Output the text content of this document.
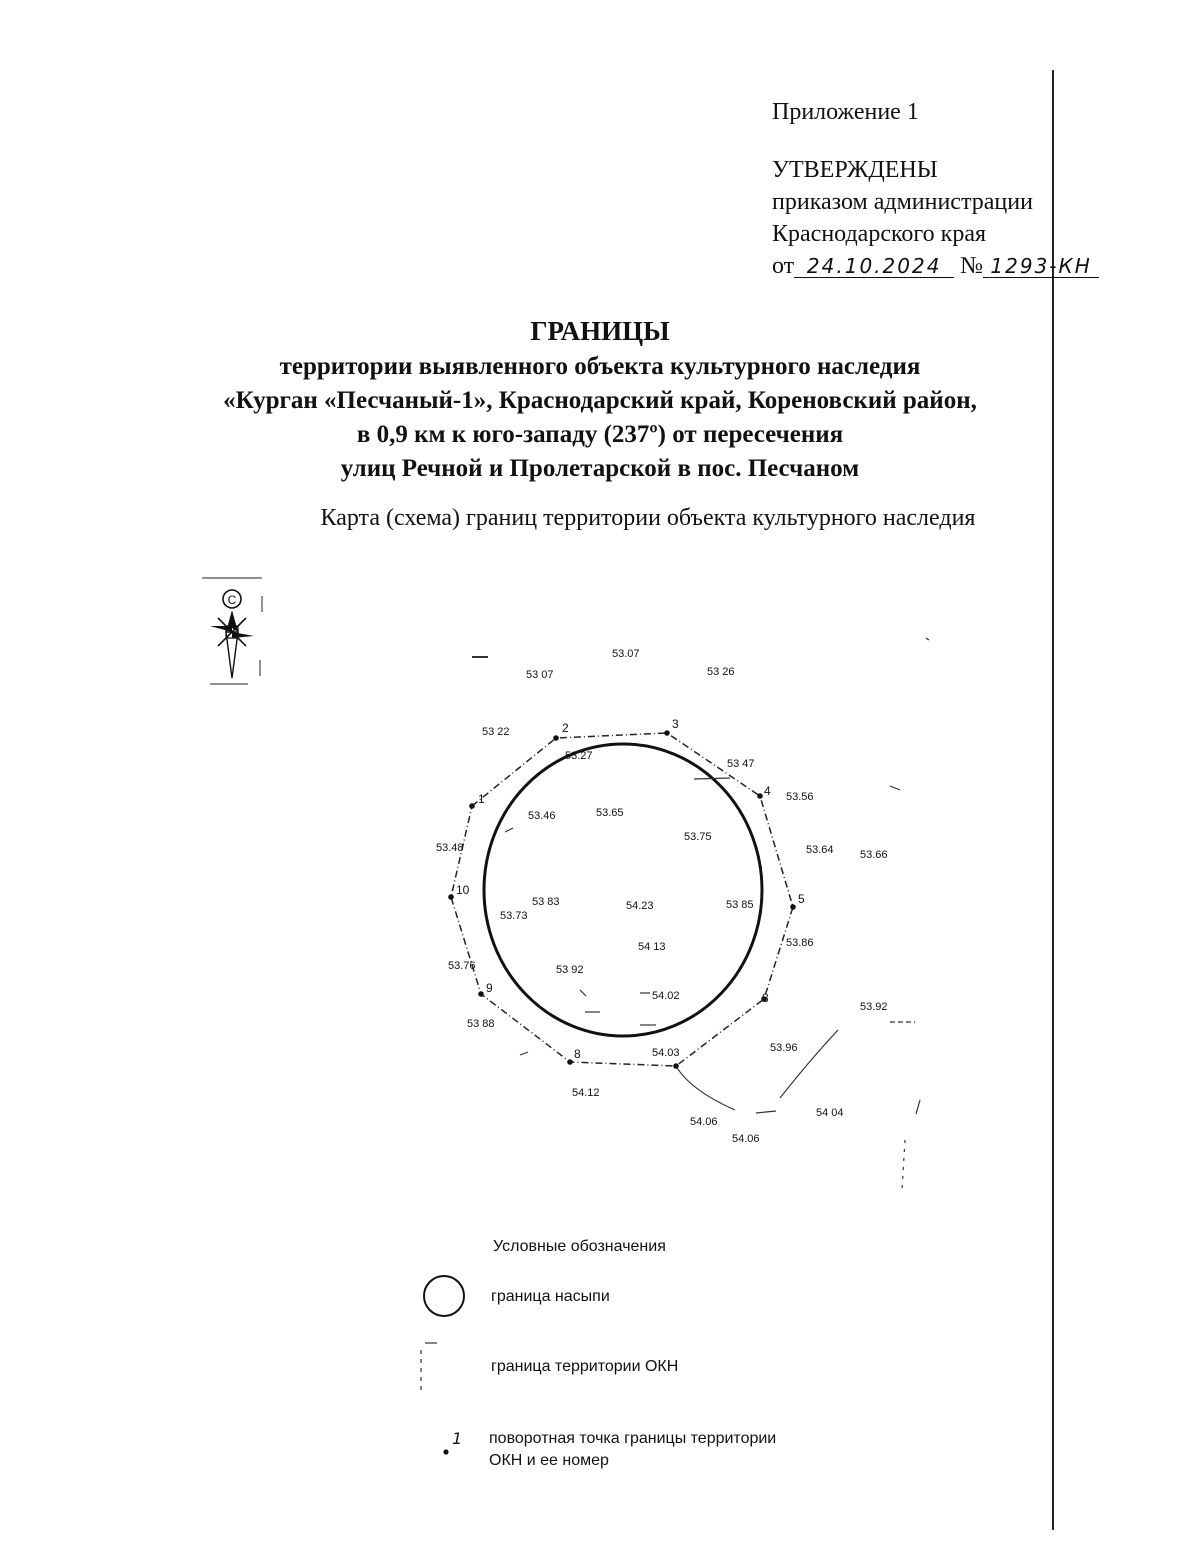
Приложение 1
УТВЕРЖДЕНЫ
приказом администрации
Краснодарского края
от 24.10.2024 № 1293-КН
ГРАНИЦЫ
территории выявленного объекта культурного наследия
«Курган «Песчаный-1», Краснодарский край, Кореновский район,
в 0,9 км к юго-западу (237º) от пересечения
улиц Речной и Пролетарской в пос. Песчаном
Карта (схема) границ территории объекта культурного наследия
С
1
2	3
4
5
8
8
9
10
53.07
53 07	53 26
53 22
53.27
53 47
53.56
53.46	53.65
53.75
53.48	53.64 53.66
53 83	54.23	53 85
53.73
53.86
54 13
53.76	53 92
54.02
53 88
53.92
54.03	53.96
54.12
54.06
54 04
54.06
1
Условные обозначения
граница насыпи
граница территории ОКН
поворотная точка границы территории
ОКН и ее номер
